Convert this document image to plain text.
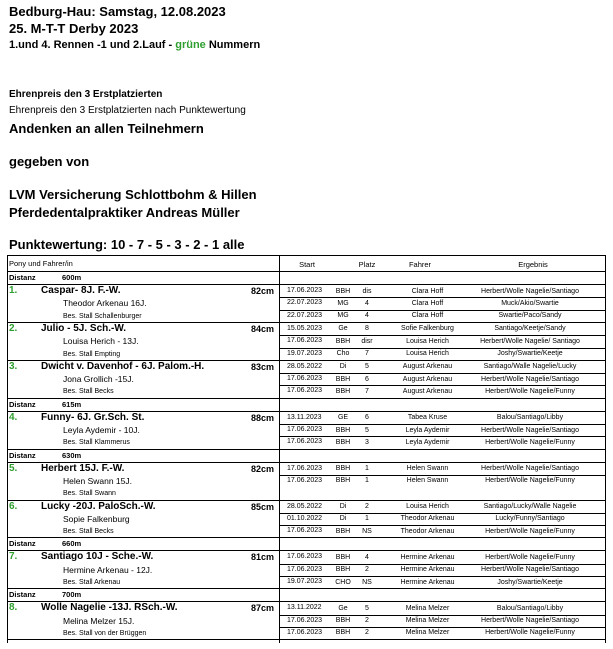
Bedburg-Hau: Samstag, 12.08.2023
25. M-T-T Derby 2023
1.und 4. Rennen -1 und 2.Lauf - grüne Nummern
Ehrenpreis den 3 Erstplatzierten
Ehrenpreis den 3 Erstplatzierten nach Punktewertung
Andenken an allen Teilnehmern
gegeben von
LVM Versicherung Schlottbohm & Hillen
Pferdedentalpraktiker Andreas Müller
Punktewertung: 10 - 7 - 5 - 3 - 2 - 1 alle
Pony und Fahrer/in	Start	Platz	Fahrer	Ergebnis
Distanz	600m
1. Caspar- 8J. F.-W.	82cm
Theodor Arkenau 16J.
Bes. Stall Schallenburger
17.06.2023	BBH	dis	Clara Hoff	Herbert/Wolle Nagelie/Santiago
22.07.2023	MG	4	Clara Hoff	Muck/Akio/Swartie
22.07.2023	MG	4	Clara Hoff	Swartie/Paco/Sandy
2. Julio - 5J. Sch.-W.	84cm
Louisa Herich - 13J.
Bes. Stall Empting
15.05.2023	Ge	8	Sofie Falkenburg	Santiago/Keetje/Sandy
17.06.2023	BBH	disr	Louisa Herich	Herbert/Wolle Nagelie/ Santiago
19.07.2023	Cho	7	Louisa Herich	Joshy/Swartie/Keetje
3. Dwicht v. Davenhof - 6J. Palom.-H.	83cm
Jona Grollich -15J.
Bes. Stall Becks
28.05.2022	Di	5	August Arkenau	Santiago/Walle Nagelie/Lucky
17.06.2023	BBH	6	August Arkenau	Herbert/Wolle Nagelie/Santiago
17.06.2023	BBH	7	August Arkenau	Herbert/Wolle Nagelie/Funny
Distanz	615m
4. Funny- 6J. Gr.Sch. St.	88cm
Leyla Aydemir - 10J.
Bes. Stall Klammerus
13.11.2023	GE	6	Tabea Kruse	Balou/Santiago/Libby
17.06.2023	BBH	5	Leyla Aydemir	Herbert/Wolle Nagelie/Santiago
17.06.2023	BBH	3	Leyla Aydemir	Herbert/Wolle Nagelie/Funny
Distanz	630m
5. Herbert 15J. F.-W.	82cm
Helen Swann 15J.
Bes. Stall Swann
17.06.2023	BBH	1	Helen Swann	Herbert/Wolle Nagelie/Santiago
17.06.2023	BBH	1	Helen Swann	Herbert/Wolle Nagelie/Funny
6. Lucky -20J. PaloSch.-W.	85cm
Sopie Falkenburg
Bes. Stall Becks
28.05.2022	Di	2	Louisa Herich	Santiago/Lucky/Walle Nagelie
01.10.2022	Di	1	Theodor Arkenau	Lucky/Funny/Santiago
17.06.2023	BBH	NS	Theodor Arkenau	Herbert/Wolle Nagelie/Funny
Distanz	660m
7. Santiago 10J - Sche.-W.	81cm
Hermine Arkenau - 12J.
Bes. Stall Arkenau
17.06.2023	BBH	4	Hermine Arkenau	Herbert/Wolle Nagelie/Funny
17.06.2023	BBH	2	Hermine Arkenau	Herbert/Wolle Nagelie/Santiago
19.07.2023	CHO	NS	Hermine Arkenau	Joshy/Swartie/Keetje
Distanz	700m
8. Wolle Nagelie -13J. RSch.-W.	87cm
Melina Melzer 15J.
Bes. Stall von der Brüggen
13.11.2022	Ge	5	Melina Melzer	Balou/Santiago/Libby
17.06.2023	BBH	2	Melina Melzer	Herbert/Wolle Nagelie/Santiago
17.06.2023	BBH	2	Melina Melzer	Herbert/Wolle Nagelie/Funny
